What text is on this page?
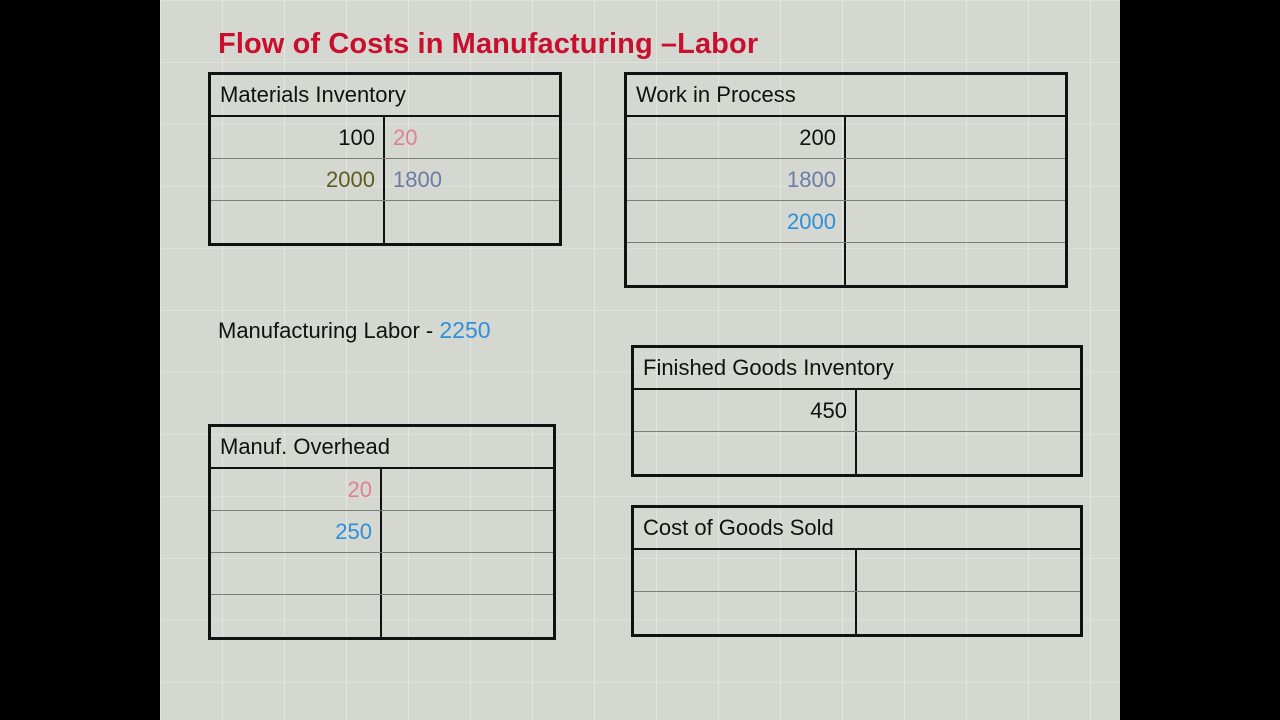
Flow of Costs in Manufacturing –Labor
Materials Inventory
100 20
2000 1800
Work in Process
200
1800
2000
Manufacturing Labor - 2250
Manuf. Overhead
20
250
Finished Goods Inventory
450
Cost of Goods Sold
